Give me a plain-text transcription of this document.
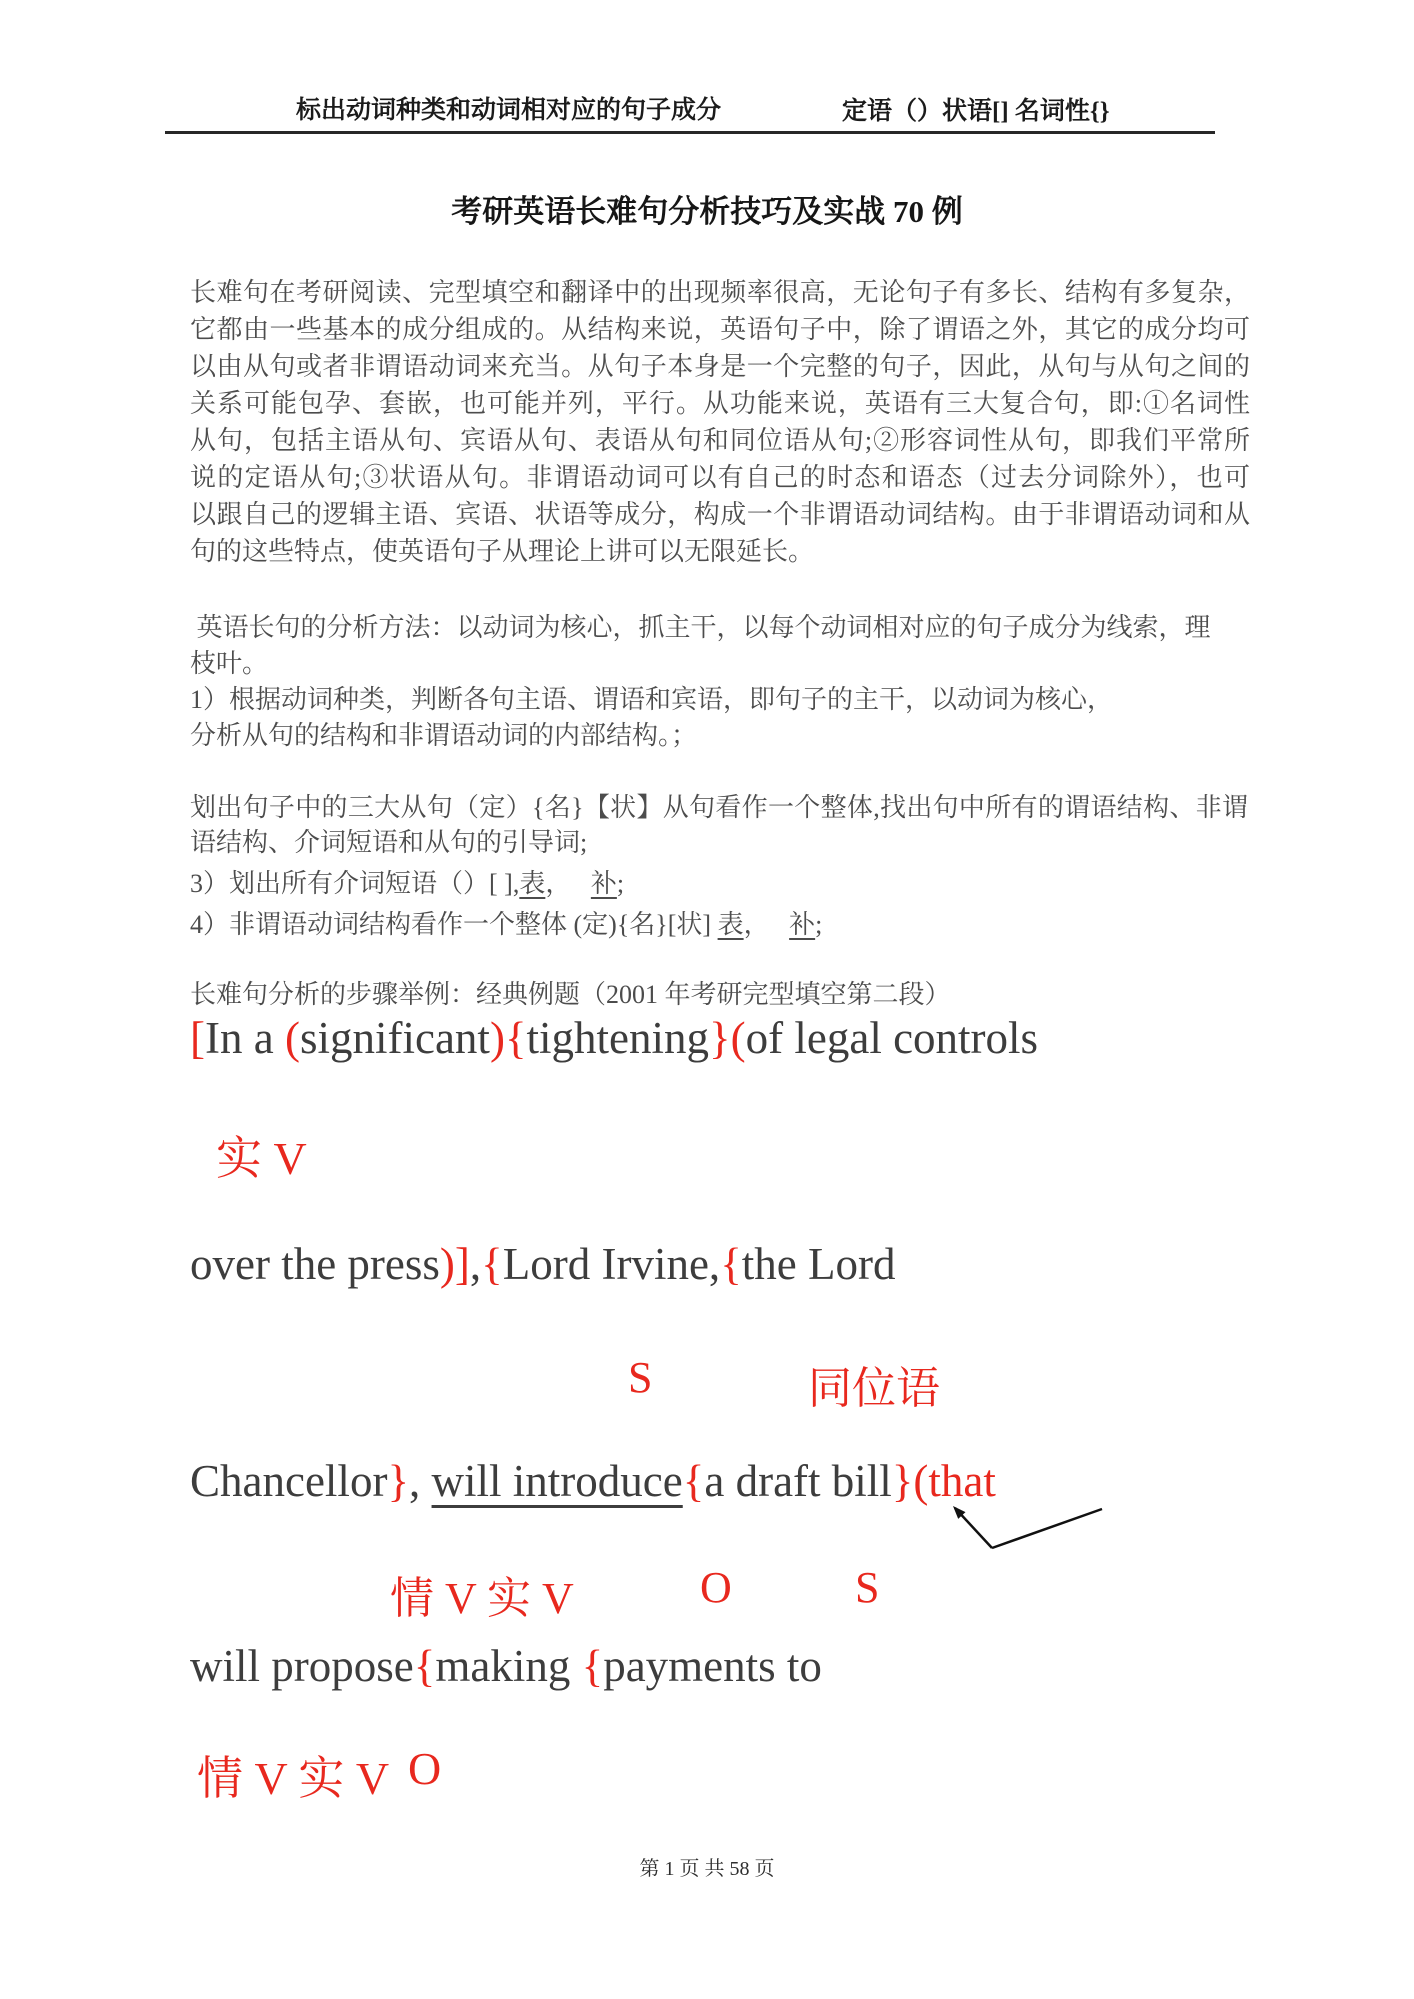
标出动词种类和动词相对应的句子成分	定语（）状语[] 名词性{}
考研英语长难句分析技巧及实战 70 例
长难句在考研阅读、完型填空和翻译中的出现频率很高，无论句子有多长、结构有多复杂，
它都由一些基本的成分组成的。从结构来说，英语句子中，除了谓语之外，其它的成分均可
以由从句或者非谓语动词来充当。从句子本身是一个完整的句子，因此，从句与从句之间的
关系可能包孕、套嵌，也可能并列，平行。从功能来说，英语有三大复合句，即:①名词性
从句，包括主语从句、宾语从句、表语从句和同位语从句;②形容词性从句，即我们平常所
说的定语从句;③状语从句。非谓语动词可以有自己的时态和语态（过去分词除外），也可
以跟自己的逻辑主语、宾语、状语等成分，构成一个非谓语动词结构。由于非谓语动词和从
句的这些特点，使英语句子从理论上讲可以无限延长。
英语长句的分析方法：以动词为核心，抓主干，以每个动词相对应的句子成分为线索，理
枝叶。
1）根据动词种类，判断各句主语、谓语和宾语，即句子的主干，以动词为核心，
分析从句的结构和非谓语动词的内部结构。；
划出句子中的三大从句（定）{名}【状】从句看作一个整体,找出句中所有的谓语结构、非谓
语结构、介词短语和从句的引导词;
3）划出所有介词短语（）[ ],表，   补;
4）非谓语动词结构看作一个整体 (定){名}[状] 表，   补;
长难句分析的步骤举例：经典例题（2001 年考研完型填空第二段）
[In a (significant){tightening}(of legal controls
实 V
over the press)],{Lord Irvine,{the Lord
S	同位语
Chancellor}, will introduce{a draft bill}(that
情 V 实 V	O	S
will propose{making {payments to
情 V 实 V O
第 1 页 共 58 页
